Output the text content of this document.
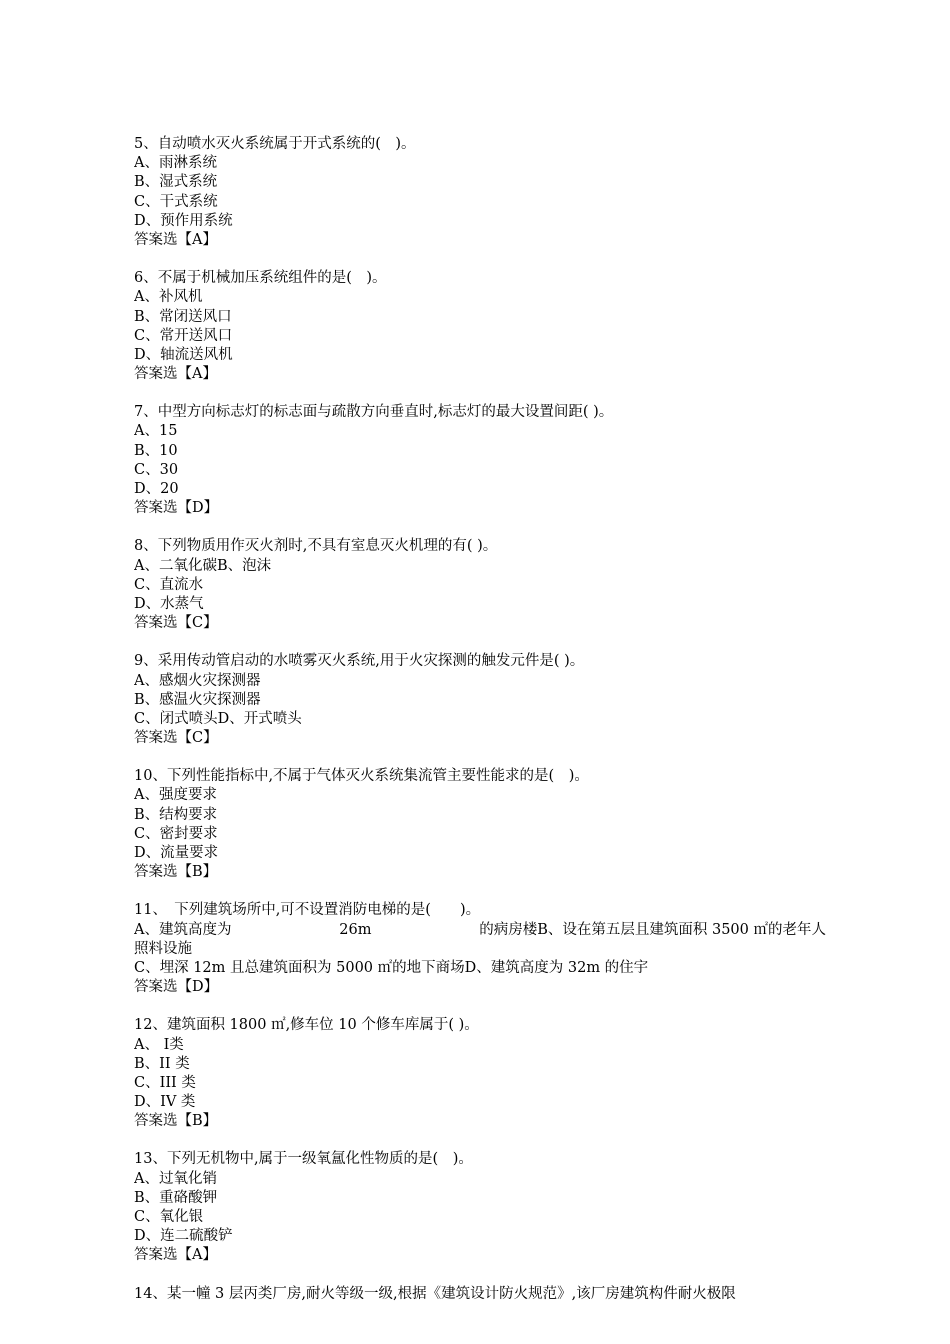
5、自动喷水灭火系统属于开式系统的(　)。
A、雨淋系统
B、湿式系统
C、干式系统
D、预作用系统
答案选【A】
6、不属于机械加压系统组件的是(　)。
A、补风机
B、常闭送风口
C、常开送风口
D、轴流送风机
答案选【A】
7、中型方向标志灯的标志面与疏散方向垂直时,标志灯的最大设置间距( )。
A、15
B、10
C、30
D、20
答案选【D】
8、下列物质用作灭火剂时,不具有室息灭火机理的有( )。
A、二氧化碳B、泡沫
C、直流水
D、水蒸气
答案选【C】
9、采用传动管启动的水喷雾灭火系统,用于火灾探测的触发元件是( )。
A、感烟火灾探测器
B、感温火灾探测器
C、闭式喷头D、开式喷头
答案选【C】
10、下列性能指标中,不属于气体灭火系统集流管主要性能求的是(　)。
A、强度要求
B、结构要求
C、密封要求
D、流量要求
答案选【B】
11、　下列建筑场所中,可不设置消防电梯的是(　　)。
A、建筑高度为	26m	的病房楼B、设在第五层且建筑面积 3500 ㎡的老年人
照料设施
C、埋深 12m 且总建筑面积为 5000 ㎡的地下商场D、建筑高度为 32m 的住宇
答案选【D】
12、建筑面积 1800 ㎡,修车位 10 个修车库属于( )。
A、 Ⅰ类
B、II 类
C、III 类
D、IV 类
答案选【B】
13、下列无机物中,属于一级氧氲化性物质的是(　)。
A、过氧化销
B、重硌酸钾
C、氧化银
D、连二硫酸铲
答案选【A】
14、某一幢 3 层丙类厂房,耐火等级一级,根据《建筑设计防火规范》,该厂房建筑构件耐火极限
